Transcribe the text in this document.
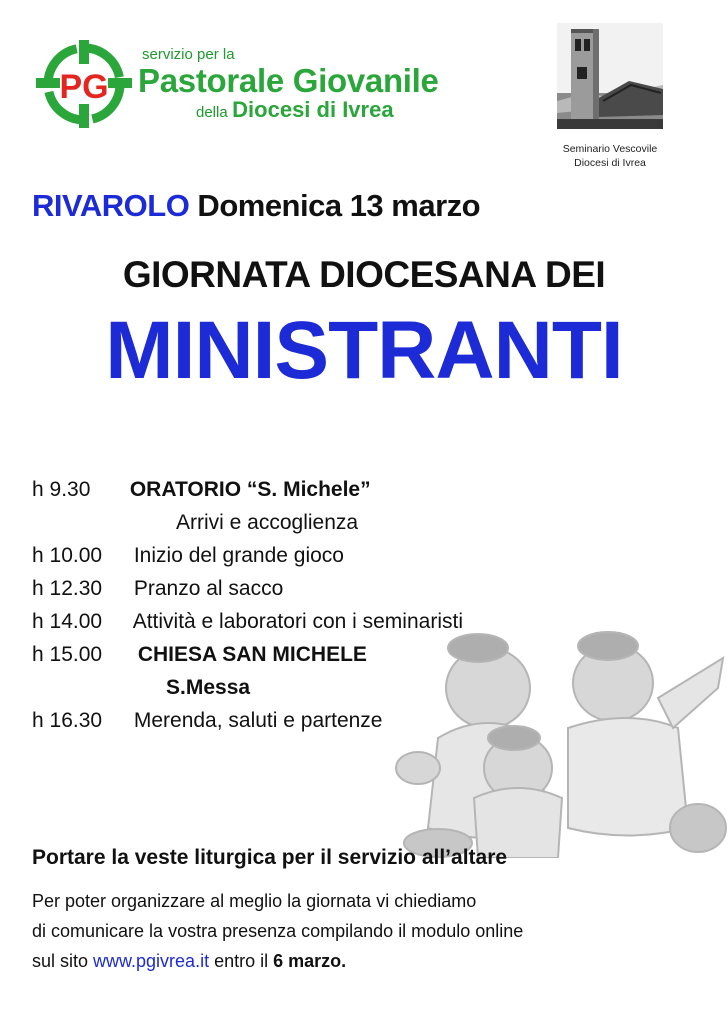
PG
servizio per la
Pastorale Giovanile
della Diocesi di Ivrea
Seminario Vescovile
Diocesi di Ivrea
RIVAROLO Domenica 13 marzo
GIORNATA DIOCESANA DEI
MINISTRANTI
h 9.30 ORATORIO “S. Michele”
Arrivi e accoglienza
h 10.00 Inizio del grande gioco
h 12.30 Pranzo al sacco
h 14.00 Attività e laboratori con i seminaristi
h 15.00 CHIESA SAN MICHELE
S.Messa
h 16.30 Merenda, saluti e partenze
Portare la veste liturgica per il servizio all’altare
Per poter organizzare al meglio la giornata vi chiediamo
di comunicare la vostra presenza compilando il modulo online
sul sito www.pgivrea.it entro il 6 marzo.
